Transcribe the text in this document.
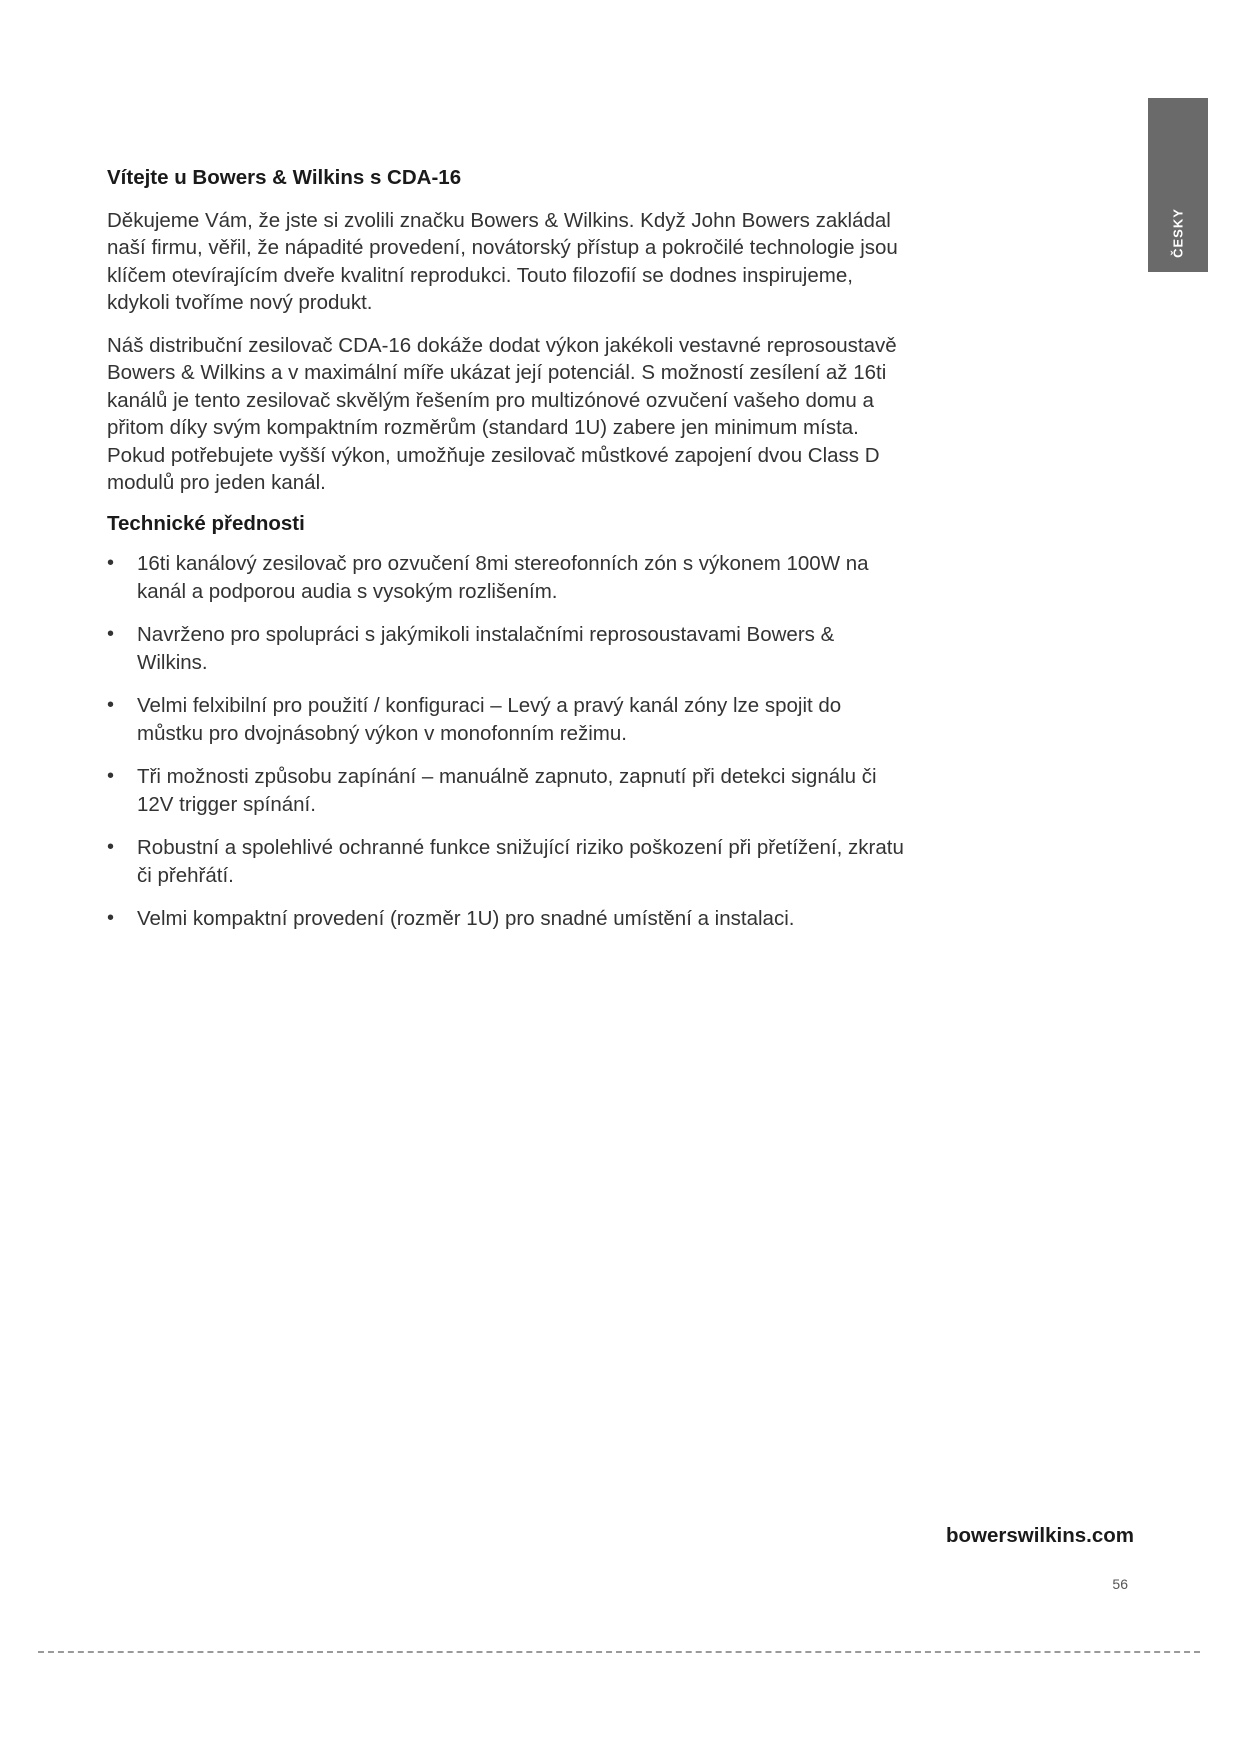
ČESKY
Vítejte u Bowers & Wilkins s CDA-16

Děkujeme Vám, že jste si zvolili značku Bowers & Wilkins. Když John Bowers zakládal naší firmu, věřil, že nápadité provedení, novátorský přístup a pokročilé technologie jsou klíčem otevírajícím dveře kvalitní reprodukci. Touto filozofií se dodnes inspirujeme, kdykoli tvoříme nový produkt.

Náš distribuční zesilovač CDA-16 dokáže dodat výkon jakékoli vestavné reprosoustavě Bowers & Wilkins a v maximální míře ukázat její potenciál. S možností zesílení až 16ti kanálů je tento zesilovač skvělým řešením pro multizónové ozvučení vašeho domu a přitom díky svým kompaktním rozměrům (standard 1U) zabere jen minimum místa. Pokud potřebujete vyšší výkon, umožňuje zesilovač můstkové zapojení dvou Class D modulů pro jeden kanál.

Technické přednosti
• 16ti kanálový zesilovač pro ozvučení 8mi stereofonních zón s výkonem 100W na kanál a podporou audia s vysokým rozlišením.
• Navrženo pro spolupráci s jakýmikoli instalačními reprosoustavami Bowers & Wilkins.
• Velmi felxibilní pro použití / konfiguraci – Levý a pravý kanál zóny lze spojit do můstku pro dvojnásobný výkon v monofonním režimu.
• Tři možnosti způsobu zapínání – manuálně zapnuto, zapnutí při detekci signálu či 12V trigger spínání.
• Robustní a spolehlivé ochranné funkce snižující riziko poškození při přetížení, zkratu či přehřátí.
• Velmi kompaktní provedení (rozměr 1U) pro snadné umístění a instalaci.
bowerswilkins.com
56
